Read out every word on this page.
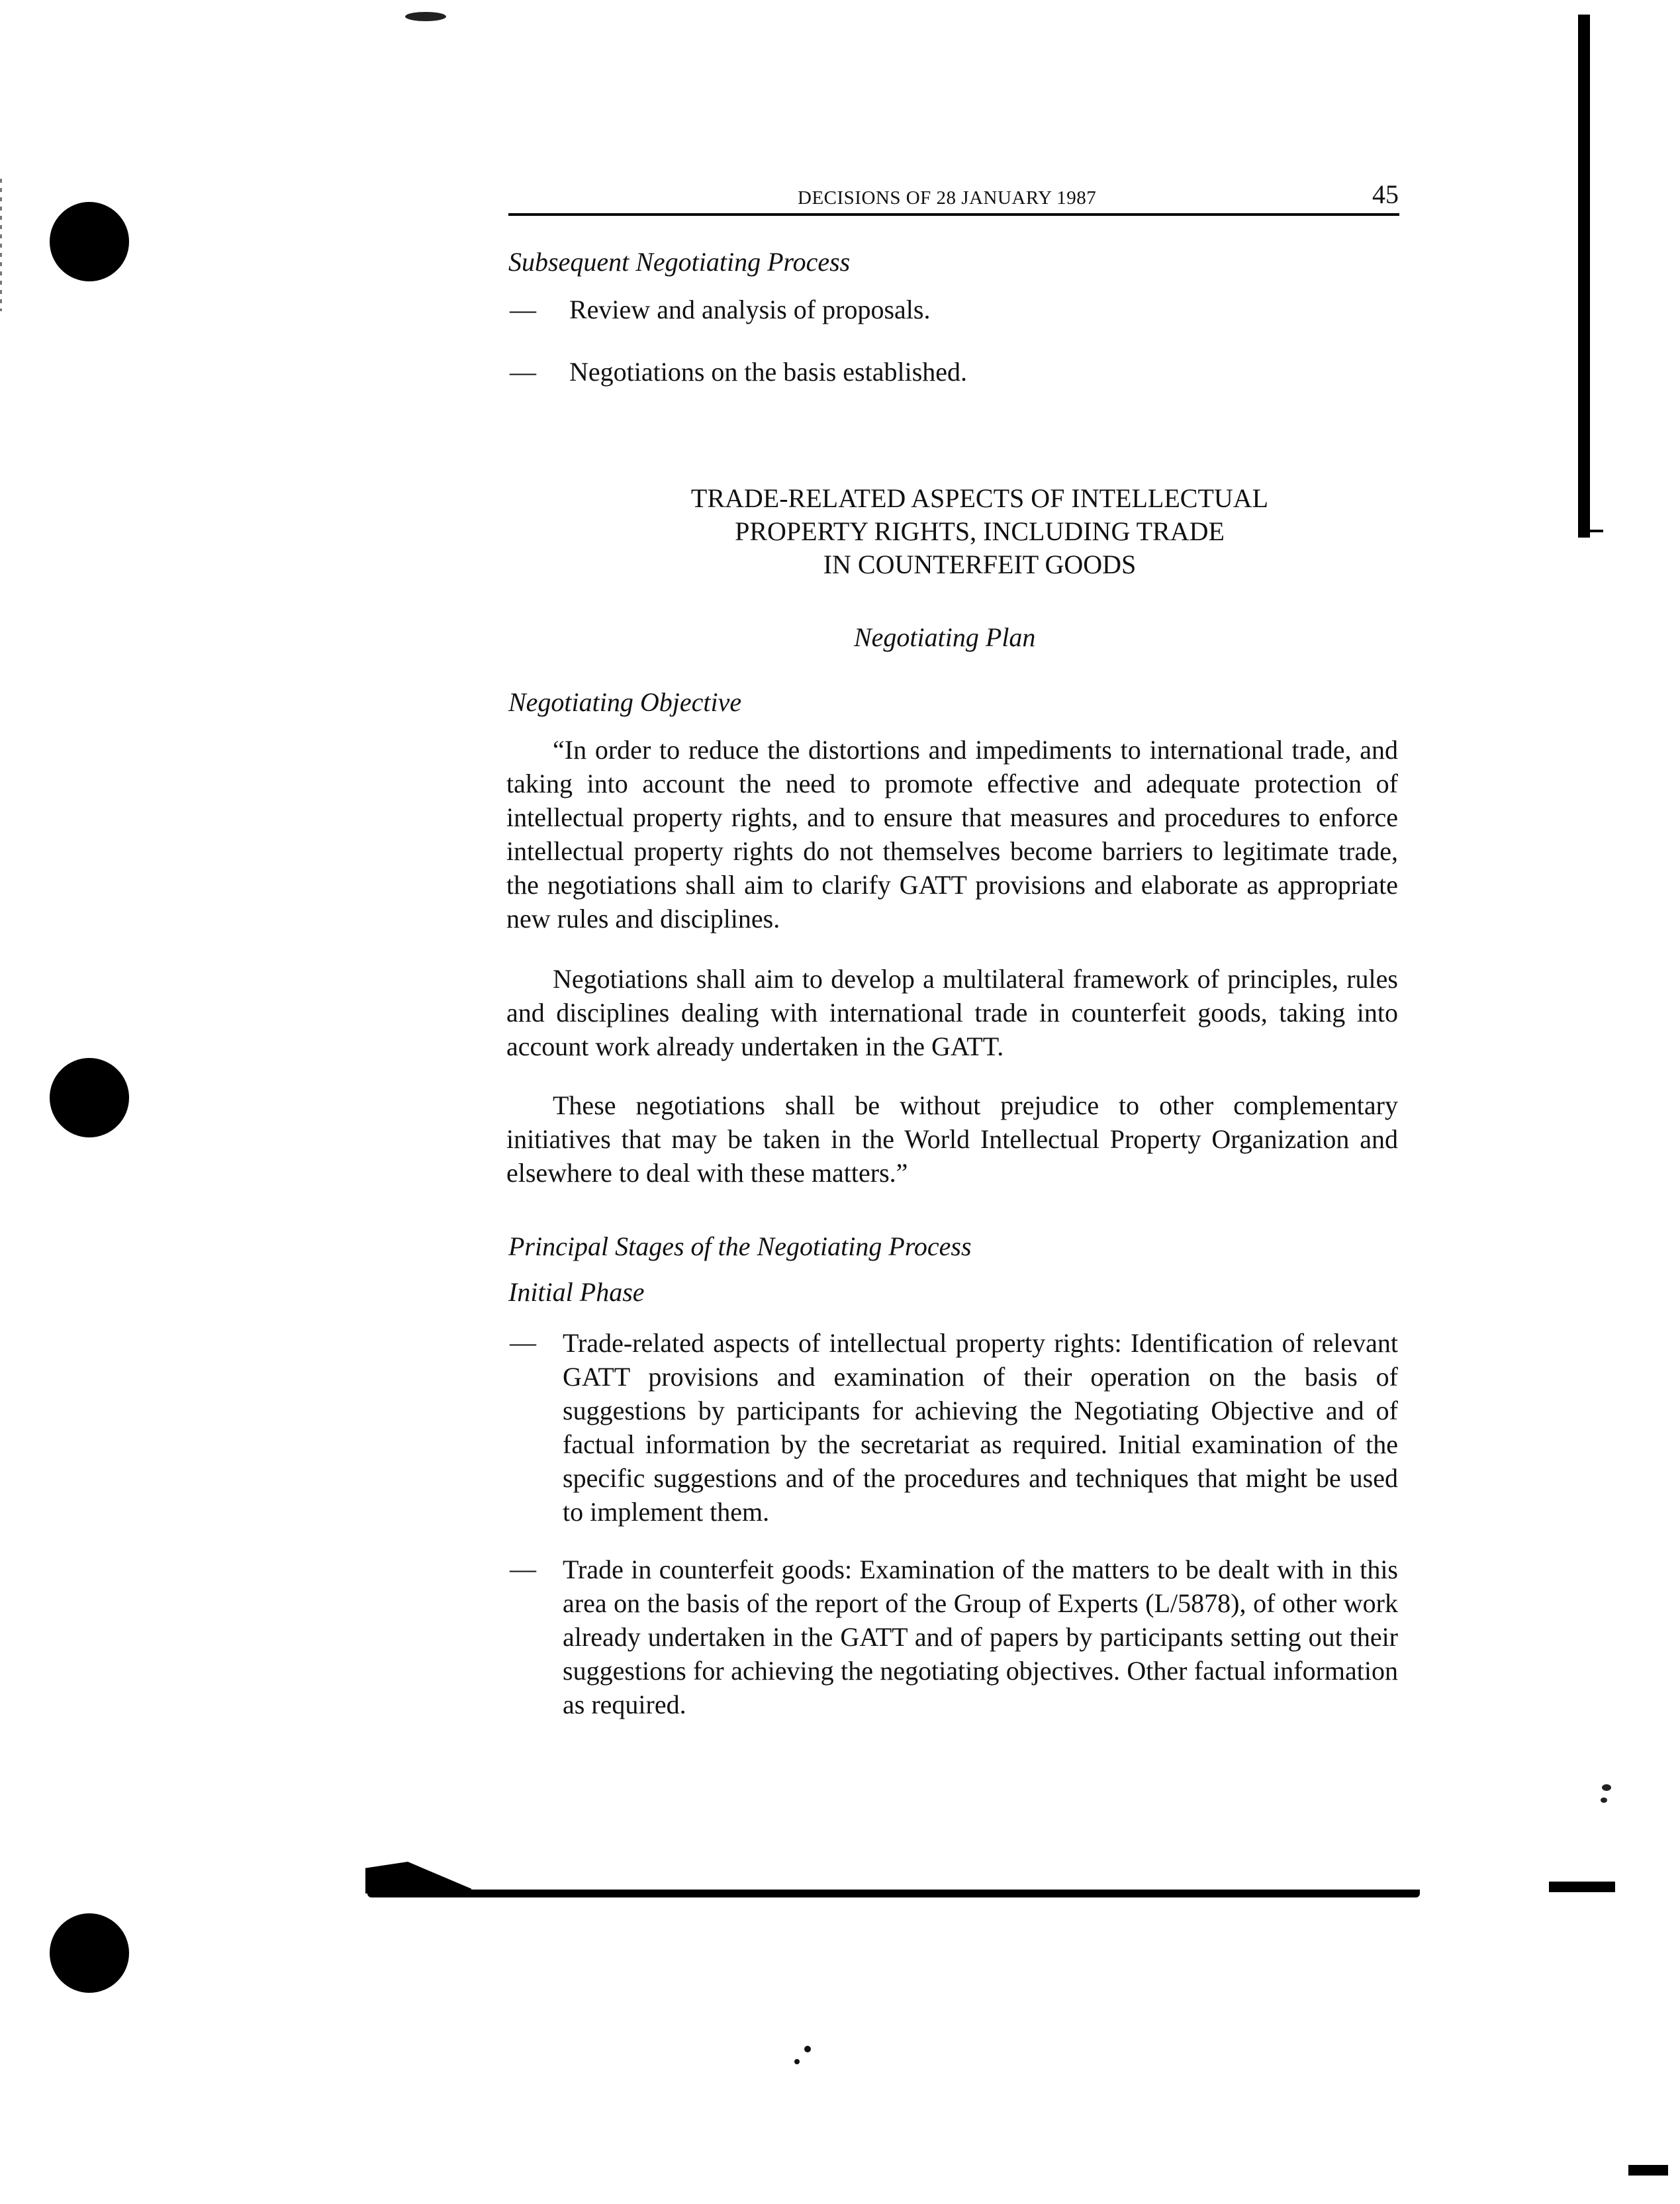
DECISIONS OF 28 JANUARY 1987	45
Subsequent Negotiating Process
— Review and analysis of proposals.
— Negotiations on the basis established.
TRADE-RELATED ASPECTS OF INTELLECTUAL
PROPERTY RIGHTS, INCLUDING TRADE
IN COUNTERFEIT GOODS
Negotiating Plan
Negotiating Objective
“In order to reduce the distortions and impediments to international trade, and taking into account the need to promote effective and adequate protection of intellectual property rights, and to ensure that measures and procedures to enforce intellectual property rights do not themselves become barriers to legitimate trade, the negotiations shall aim to clarify GATT provisions and elaborate as appropriate new rules and disciplines.
Negotiations shall aim to develop a multilateral framework of principles, rules and disciplines dealing with international trade in counterfeit goods, taking into account work already undertaken in the GATT.
These negotiations shall be without prejudice to other complementary initiatives that may be taken in the World Intellectual Property Organization and elsewhere to deal with these matters.”
Principal Stages of the Negotiating Process
Initial Phase
— Trade-related aspects of intellectual property rights: Identification of relevant GATT provisions and examination of their operation on the basis of suggestions by participants for achieving the Negotiating Objective and of factual information by the secretariat as required. Initial examination of the specific suggestions and of the procedures and techniques that might be used to implement them.
— Trade in counterfeit goods: Examination of the matters to be dealt with in this area on the basis of the report of the Group of Experts (L/5878), of other work already undertaken in the GATT and of papers by participants setting out their suggestions for achieving the negotiating objectives. Other factual information as required.
